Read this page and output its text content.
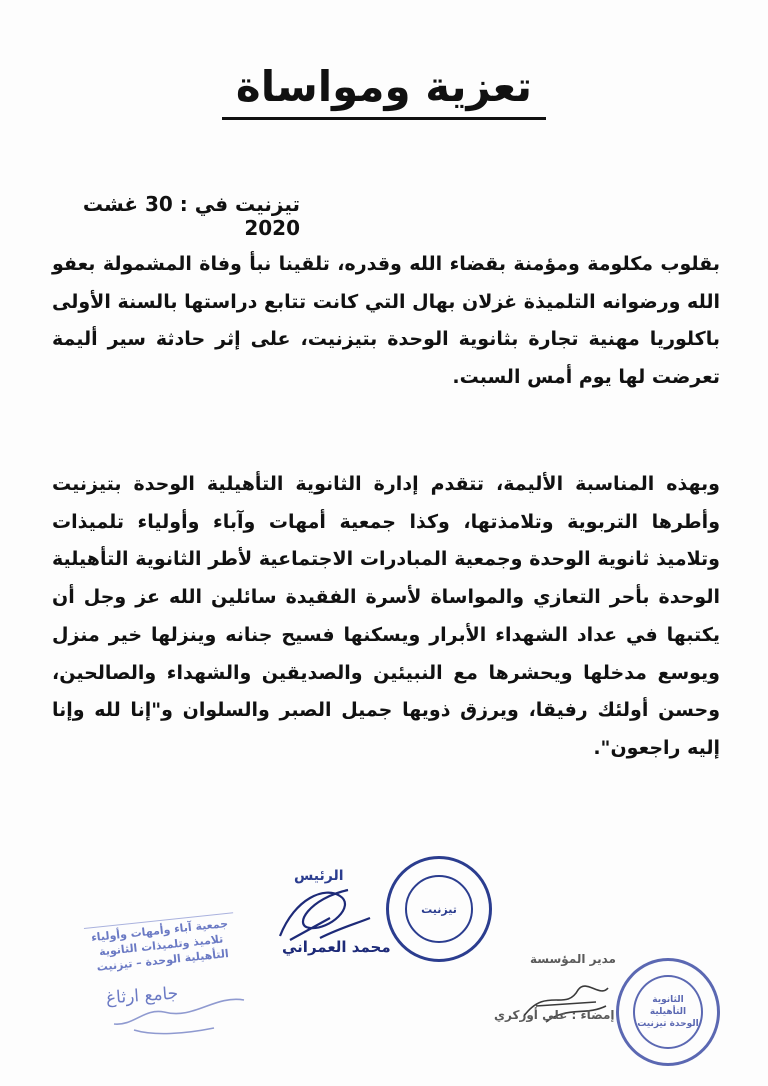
تعزية ومواساة
تيزنيت في : 30 غشت 2020
بقلوب مكلومة ومؤمنة بقضاء الله وقدره، تلقينا نبأ وفاة المشمولة بعفو الله ورضوانه التلميذة غزلان بهال التي كانت تتابع دراستها بالسنة الأولى باكلوريا مهنية تجارة بثانوية الوحدة بتيزنيت، على إثر حادثة سير أليمة تعرضت لها يوم أمس السبت.
وبهذه المناسبة الأليمة، تتقدم إدارة الثانوية التأهيلية الوحدة بتيزنيت وأطرها التربوية وتلامذتها، وكذا جمعية أمهات وآباء وأولياء تلميذات وتلاميذ ثانوية الوحدة وجمعية المبادرات الاجتماعية لأطر الثانوية التأهيلية الوحدة بأحر التعازي والمواساة لأسرة الفقيدة سائلين الله عز وجل أن يكتبها في عداد الشهداء الأبرار ويسكنها فسيح جنانه وينزلها خير منزل ويوسع مدخلها ويحشرها مع النبيئين والصديقين والشهداء والصالحين، وحسن أولئك رفيقا، ويرزق ذويها جميل الصبر والسلوان و"إنا لله وإنا إليه راجعون".
جمعية آباء وأمهات وأولياء تلاميذ وتلميذات الثانوية التأهيلية الوحدة – تيزنيت
جامع ارثاغ
الرئيس
محمد العمراني
تيزنيت
مدير المؤسسة
إمضاء : علي أوزكري
الثانوية التأهيلية الوحدة تيزنيت
